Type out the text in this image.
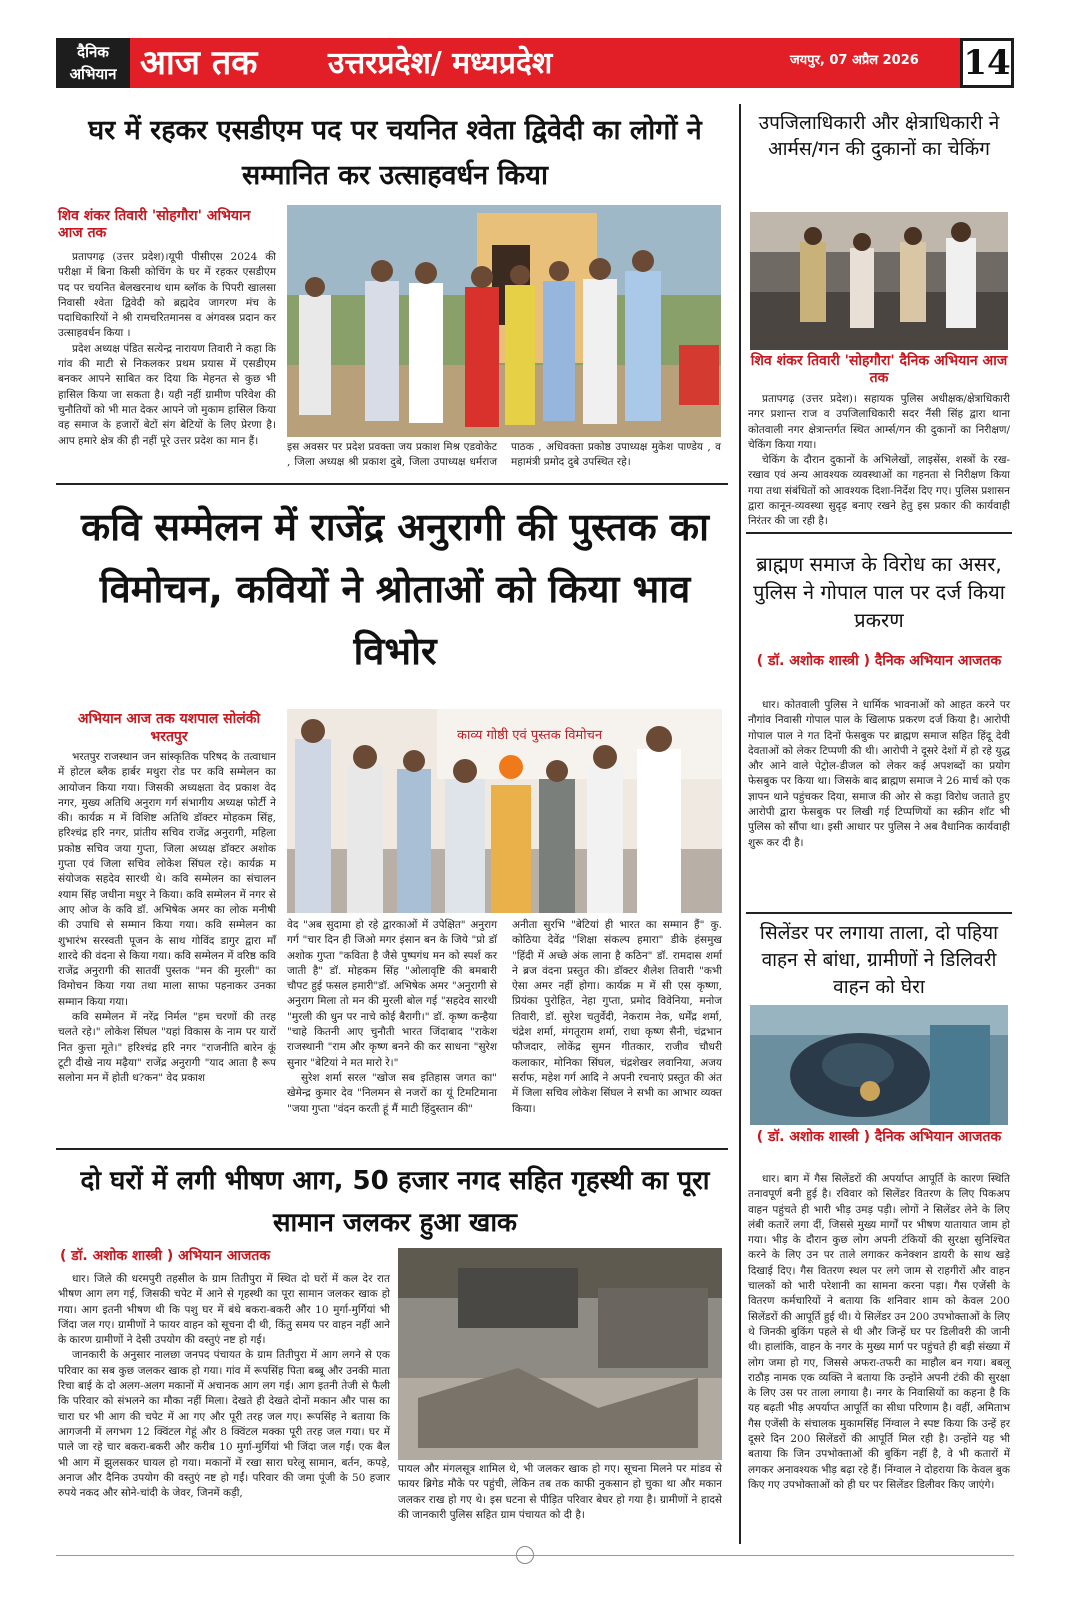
दैनिक अभियान आज तक उत्तरप्रदेश/ मध्यप्रदेश	जयपुर, 07 अप्रैल 2026 14
घर में रहकर एसडीएम पद पर चयनित श्वेता द्विवेदी का लोगों ने सम्मानित कर उत्साहवर्धन किया
शिव शंकर तिवारी 'सोहगौरा' अभियान आज तक

प्रतापगढ़ (उत्तर प्रदेश)।यूपी पीसीएस 2024 की परीक्षा में बिना किसी कोचिंग के घर में रहकर एसडीएम पद पर चयनित बेलखरनाथ धाम ब्लॉक के पिपरी खालसा निवासी श्वेता द्विवेदी को ब्रह्मदेव जागरण मंच के पदाधिकारियों ने श्री रामचरितमानस व अंगवस्त्र प्रदान कर उत्साहवर्धन किया ।

प्रदेश अध्यक्ष पंडित सत्येन्द्र नारायण तिवारी ने कहा कि गांव की माटी से निकलकर प्रथम प्रयास में एसडीएम बनकर आपने साबित कर दिया कि मेहनत से कुछ भी हासिल किया जा सकता है। यही नहीं ग्रामीण परिवेश की चुनौतियों को भी मात देकर आपने जो मुकाम हासिल किया वह समाज के हजारों बेटों संग बेटियों के लिए प्रेरणा है। आप हमारे क्षेत्र की ही नहीं पूरे उत्तर प्रदेश का मान हैं।

इस अवसर पर प्रदेश प्रवक्ता जय प्रकाश मिश्र एडवोकेट , जिला अध्यक्ष श्री प्रकाश दुबे, जिला उपाध्यक्ष धर्मराज पाठक , अधिवक्ता प्रकोष्ठ उपाध्यक्ष मुकेश पाण्डेय , व महामंत्री प्रमोद दुबे उपस्थित रहे।
उपजिलाधिकारी और क्षेत्राधिकारी ने आर्मस/गन की दुकानों का चेकिंग
शिव शंकर तिवारी 'सोहगौरा' दैनिक अभियान आज तक

प्रतापगढ़ (उत्तर प्रदेश)। सहायक पुलिस अधीक्षक/क्षेत्राधिकारी नगर प्रशान्त राज व उपजिलाधिकारी सदर नैंसी सिंह द्वारा थाना कोतवाली नगर क्षेत्रान्तर्गत स्थित आर्म्स/गन की दुकानों का निरीक्षण/चेकिंग किया गया।

चेकिंग के दौरान दुकानों के अभिलेखों, लाइसेंस, शस्त्रों के रख-रखाव एवं अन्य आवश्यक व्यवस्थाओं का गहनता से निरीक्षण किया गया तथा संबंधितों को आवश्यक दिशा-निर्देश दिए गए। पुलिस प्रशासन द्वारा कानून-व्यवस्था सुदृढ़ बनाए रखने हेतु इस प्रकार की कार्यवाही निरंतर की जा रही है।

कवि सम्मेलन में राजेंद्र अनुरागी की पुस्तक का विमोचन, कवियों ने श्रोताओं को किया भाव विभोर
अभियान आज तक यशपाल सोलंकी भरतपुर

भरतपुर राजस्थान जन सांस्कृतिक परिषद के तत्वाधान में होटल ब्लैक हार्बर मथुरा रोड पर कवि सम्मेलन का आयोजन किया गया। जिसकी अध्यक्षता वेद प्रकाश वेद नगर, मुख्य अतिथि अनुराग गर्ग संभागीय अध्यक्ष फोर्टी ने की। कार्यक्र म में विशिष्ट अतिथि डॉक्टर मोहकम सिंह, हरिश्चंद्र हरि नगर, प्रांतीय सचिव राजेंद्र अनुरागी, महिला प्रकोष्ठ सचिव जया गुप्ता, जिला अध्यक्ष डॉक्टर अशोक गुप्ता एवं जिला सचिव लोकेश सिंघल रहे। कार्यक्र म संयोजक सहदेव सारथी थे। कवि सम्मेलन का संचालन श्याम सिंह जधीना मधुर ने किया। कवि सम्मेलन में नगर से आए ओज के कवि डॉ. अभिषेक अमर का लोक मनीषी की उपाधि से सम्मान किया गया। कवि सम्मेलन का शुभारंभ सरस्वती पूजन के साथ गोविंद डागुर द्वारा माँ शारदे की वंदना से किया गया। कवि सम्मेलन में वरिष्ठ कवि राजेंद्र अनुरागी की सातवीं पुस्तक "मन की मुरली" का विमोचन किया गया तथा माला साफा पहनाकर उनका सम्मान किया गया।

कवि सम्मेलन में नरेंद्र निर्मल "हम चरणों की तरह चलते रहे।" लोकेश सिंघल "यहां विकास के नाम पर यारों नित कुत्ता मूते।" हरिश्चंद्र हरि नगर "राजनीति बारेन कूं टूटी दीखे नाय मढ़ैया" राजेंद्र अनुरागी "याद आता है रूप सलोना मन में होती ध?कन" वेद प्रकाश

काव्य गोष्ठी एवं पुस्तक विमोचन

वेद "अब सुदामा हो रहे द्वारकाओं में उपेक्षित" अनुराग गर्ग "चार दिन ही जिओ मगर इंसान बन के जिये "प्रो डॉ अशोक गुप्ता "कविता है जैसे पुष्पगंध मन को स्पर्श कर जाती है" डॉ. मोहकम सिंह "ओलावृष्टि की बमबारी चौपट हुई फसल हमारी"डॉ. अभिषेक अमर "अनुरागी से अनुराग मिला तो मन की मुरली बोल गई "सहदेव सारथी "मुरली की धुन पर नाचे कोई बैरागी।" डॉ. कृष्ण कन्हैया "चाहे कितनी आए चुनौती भारत जिंदाबाद "राकेश राजस्थानी "राम और कृष्ण बनने की कर साधना "सुरेश सुनार "बेटियां ने मत मारो रे।"

सुरेश शर्मा सरल "खोज सब इतिहास जगत का" खेमेन्द्र कुमार देव "निलमन से नजरों का यूं टिमटिमाना "जया गुप्ता "वंदन करती हूं मैं माटी हिंदुस्तान की"

अनीता सुरभि "बेटियां ही भारत का सम्मान हैं" कु. कोठिया देवेंद्र "शिक्षा संकल्प हमारा" डीके हंसमुख "हिंदी में अच्छे अंक लाना है कठिन" डॉ. रामदास शर्मा ने ब्रज वंदना प्रस्तुत की। डॉक्टर शैलेश तिवारी "कभी ऐसा अमर नहीं होगा। कार्यक्र म में सी एस कृष्णा, प्रियंका पुरोहित, नेहा गुप्ता, प्रमोद विवेनिया, मनोज तिवारी, डॉ. सुरेश चतुर्वेदी, नेकराम नेक, धर्मेंद्र शर्मा, चंद्रेश शर्मा, मंगतूराम शर्मा, राधा कृष्ण सैनी, चंद्रभान फौजदार, लोकेंद्र सुमन गीतकार, राजीव चौधरी कलाकार, मोनिका सिंघल, चंद्रशेखर लवानिया, अजय सर्राफ, महेश गर्ग आदि ने अपनी रचनाएं प्रस्तुत की अंत में जिला सचिव लोकेश सिंघल ने सभी का आभार व्यक्त किया।

ब्राह्मण समाज के विरोध का असर, पुलिस ने गोपाल पाल पर दर्ज किया प्रकरण
( डॉ. अशोक शास्त्री ) दैनिक अभियान आजतक

धार। कोतवाली पुलिस ने धार्मिक भावनाओं को आहत करने पर नौगांव निवासी गोपाल पाल के खिलाफ प्रकरण दर्ज किया है। आरोपी गोपाल पाल ने गत दिनों फेसबुक पर ब्राह्मण समाज सहित हिंदू देवी देवताओं को लेकर टिप्पणी की थी। आरोपी ने दूसरे देशों में हो रहे युद्ध और आने वाले पेट्रोल-डीजल को लेकर कई अपशब्दों का प्रयोग फेसबुक पर किया था। जिसके बाद ब्राह्मण समाज ने 26 मार्च को एक ज्ञापन थाने पहुंचकर दिया, समाज की ओर से कड़ा विरोध जताते हुए आरोपी द्वारा फेसबुक पर लिखी गई टिप्पणियों का स्क्रीन शॉट भी पुलिस को सौंपा था। इसी आधार पर पुलिस ने अब वैधानिक कार्यवाही शुरू कर दी है।

सिलेंडर पर लगाया ताला, दो पहिया वाहन से बांधा, ग्रामीणों ने डिलिवरी वाहन को घेरा
( डॉ. अशोक शास्त्री ) दैनिक अभियान आजतक

धार। बाग में गैस सिलेंडरों की अपर्याप्त आपूर्ति के कारण स्थिति तनावपूर्ण बनी हुई है। रविवार को सिलेंडर वितरण के लिए पिकअप वाहन पहुंचते ही भारी भीड़ उमड़ पड़ी। लोगों ने सिलेंडर लेने के लिए लंबी कतारें लगा दीं, जिससे मुख्य मार्गों पर भीषण यातायात जाम हो गया। भीड़ के दौरान कुछ लोग अपनी टंकियों की सुरक्षा सुनिश्चित करने के लिए उन पर ताले लगाकर कनेक्शन डायरी के साथ खड़े दिखाई दिए। गैस वितरण स्थल पर लगे जाम से राहगीरों और वाहन चालकों को भारी परेशानी का सामना करना पड़ा। गैस एजेंसी के वितरण कर्मचारियों ने बताया कि शनिवार शाम को केवल 200 सिलेंडरों की आपूर्ति हुई थी। ये सिलेंडर उन 200 उपभोक्ताओं के लिए थे जिनकी बुकिंग पहले से थी और जिन्हें घर पर डिलीवरी की जानी थी। हालांकि, वाहन के नगर के मुख्य मार्ग पर पहुंचते ही बड़ी संख्या में लोग जमा हो गए, जिससे अफरा-तफरी का माहौल बन गया। बबलू राठौड़ नामक एक व्यक्ति ने बताया कि उन्होंने अपनी टंकी की सुरक्षा के लिए उस पर ताला लगाया है। नगर के निवासियों का कहना है कि यह बढ़ती भीड़ अपर्याप्त आपूर्ति का सीधा परिणाम है। वहीं, अमिताभ गैस एजेंसी के संचालक मुकामसिंह निंग्वाल ने स्पष्ट किया कि उन्हें हर दूसरे दिन 200 सिलेंडरों की आपूर्ति मिल रही है। उन्होंने यह भी बताया कि जिन उपभोक्ताओं की बुकिंग नहीं है, वे भी कतारों में लगकर अनावश्यक भीड़ बढ़ा रहे हैं। निंग्वाल ने दोहराया कि केवल बुक किए गए उपभोक्ताओं को ही घर पर सिलेंडर डिलीवर किए जाएंगे।

दो घरों में लगी भीषण आग, 50 हजार नगद सहित गृहस्थी का पूरा सामान जलकर हुआ खाक
( डॉ. अशोक शास्त्री ) अभियान आजतक

धार। जिले की धरमपुरी तहसील के ग्राम तितीपुरा में स्थित दो घरों में कल देर रात भीषण आग लग गई, जिसकी चपेट में आने से गृहस्थी का पूरा सामान जलकर खाक हो गया। आग इतनी भीषण थी कि पशु घर में बंधे बकरा-बकरी और 10 मुर्गा-मुर्गियां भी जिंदा जल गए। ग्रामीणों ने फायर वाहन को सूचना दी थी, किंतु समय पर वाहन नहीं आने के कारण ग्रामीणों ने देसी उपयोग की वस्तुएं नष्ट हो गई।

जानकारी के अनुसार नालछा जनपद पंचायत के ग्राम तितीपुरा में आग लगने से एक परिवार का सब कुछ जलकर खाक हो गया। गांव में रूपसिंह पिता बब्बू और उनकी माता रिचा बाई के दो अलग-अलग मकानों में अचानक आग लग गई। आग इतनी तेजी से फैली कि परिवार को संभलने का मौका नहीं मिला। देखते ही देखते दोनों मकान और पास का चारा घर भी आग की चपेट में आ गए और पूरी तरह जल गए। रूपसिंह ने बताया कि आगजनी में लगभग 12 क्विंटल गेहूं और 8 क्विंटल मक्का पूरी तरह जल गया। घर में पाले जा रहे चार बकरा-बकरी और करीब 10 मुर्गा-मुर्गियां भी जिंदा जल गईं। एक बैल भी आग में झुलसकर घायल हो गया। मकानों में रखा सारा घरेलू सामान, बर्तन, कपड़े, अनाज और दैनिक उपयोग की वस्तुएं नष्ट हो गईं। परिवार की जमा पूंजी के 50 हजार रुपये नकद और सोने-चांदी के जेवर, जिनमें कड़ी,

पायल और मंगलसूत्र शामिल थे, भी जलकर खाक हो गए। सूचना मिलने पर मांडव से फायर ब्रिगेड मौके पर पहुंची, लेकिन तब तक काफी नुकसान हो चुका था और मकान जलकर राख हो गए थे। इस घटना से पीड़ित परिवार बेघर हो गया है। ग्रामीणों ने हादसे की जानकारी पुलिस सहित ग्राम पंचायत को दी है।
